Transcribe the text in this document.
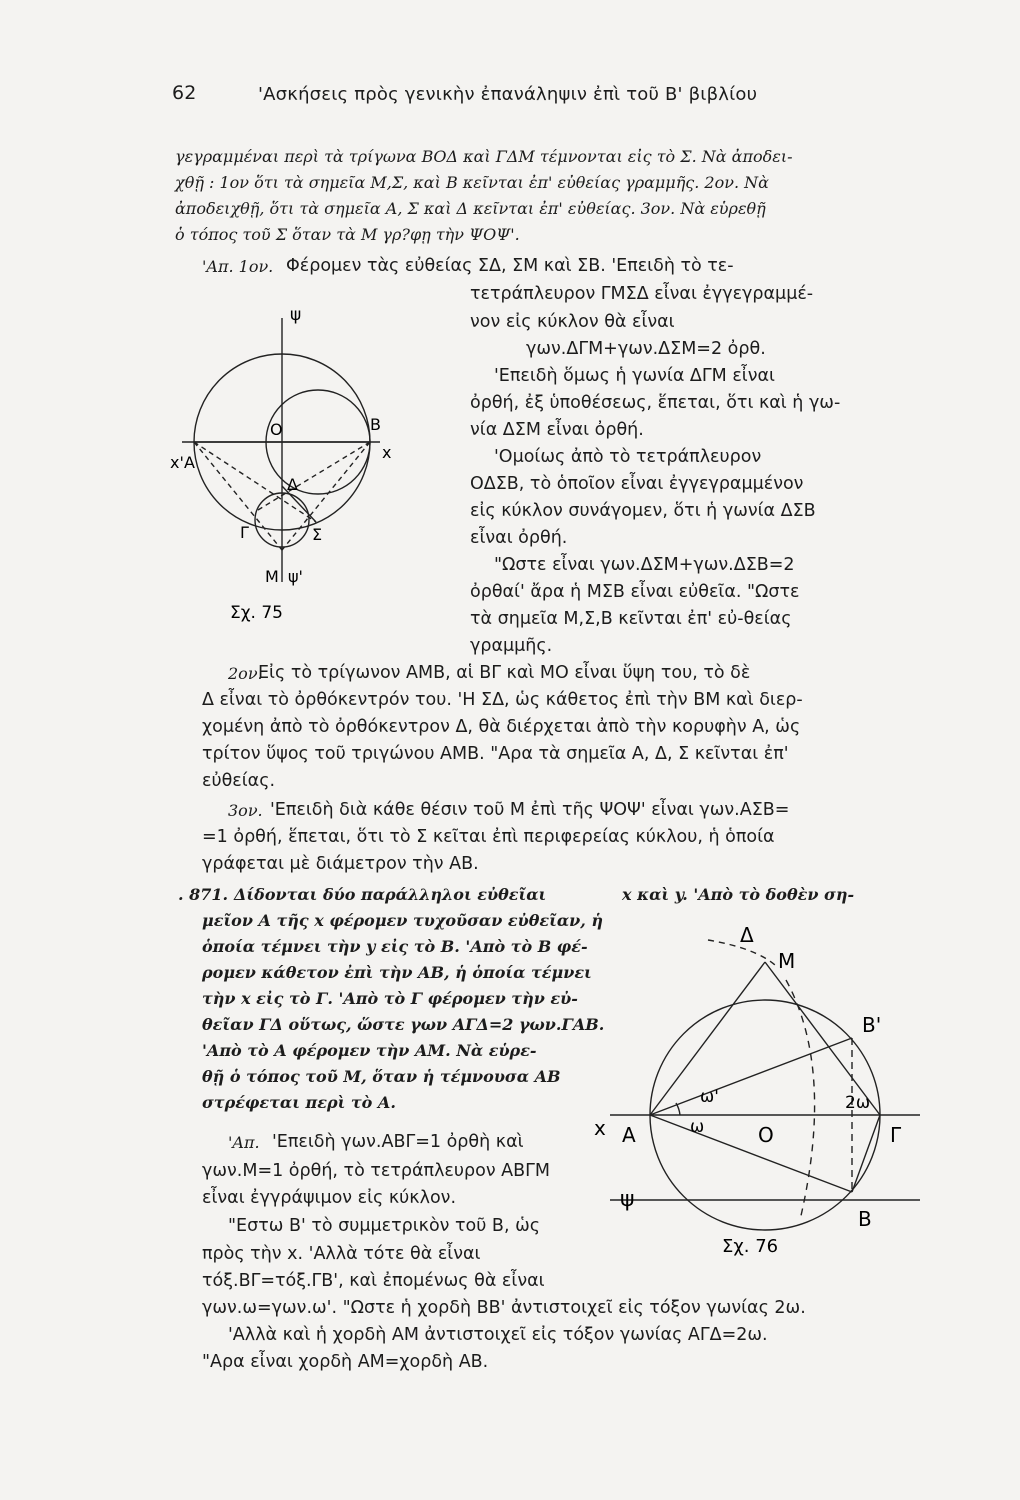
62	'Ασκήσεις πρὸς γενικὴν ἐπανάληψιν ἐπὶ τοῦ Β' βιβλίου
γεγραμμέναι περὶ τὰ τρίγωνα ΒΟΔ καὶ ΓΔΜ τέμνονται εἰς τὸ Σ. Νὰ ἀποδει-
χθῇ : 1ον ὅτι τὰ σημεῖα Μ,Σ, καὶ Β κεῖνται ἐπ' εὐθείας γραμμῆς. 2ον. Νὰ
ἀποδειχθῇ, ὅτι τὰ σημεῖα Α, Σ καὶ Δ κεῖνται ἐπ' εὐθείας. 3ον. Νὰ εὑρεθῇ
ὁ τόπος τοῦ Σ ὅταν τὰ Μ γρ?φῃ τὴν ΨΟΨ'.
'Απ. 1ον. Φέρομεν τὰς εὐθείας ΣΔ, ΣΜ καὶ ΣΒ. 'Επειδὴ τὸ τε-
τετράπλευρον ΓΜΣΔ εἶναι ἐγγεγραμμέ-
νον εἰς κύκλον θὰ εἶναι
γων.ΔΓΜ+γων.ΔΣΜ=2 ὀρθ.
'Επειδὴ ὅμως ἡ γωνία ΔΓΜ εἶναι
ὀρθή, ἐξ ὑποθέσεως, ἕπεται, ὅτι καὶ ἡ γω-
νία ΔΣΜ εἶναι ὀρθή.
'Ομοίως ἀπὸ τὸ τετράπλευρον
ΟΔΣΒ, τὸ ὁποῖον εἶναι ἐγγεγραμμένον
εἰς κύκλον συνάγομεν, ὅτι ἡ γωνία ΔΣΒ
εἶναι ὀρθή.
"Ωστε εἶναι γων.ΔΣΜ+γων.ΔΣΒ=2
ὀρθαί' ἄρα ἡ ΜΣΒ εἶναι εὐθεῖα. "Ωστε
τὰ σημεῖα Μ,Σ,Β κεῖνται ἐπ' εὐ-θείας
γραμμῆς.
ψ
x' A
O	B
x
Δ
Γ	Σ
M ψ'
Σχ. 75
2ον.
Εἰς τὸ τρίγωνον ΑΜΒ, αἱ ΒΓ καὶ ΜΟ εἶναι ὕψη του, τὸ δὲ
Δ εἶναι τὸ ὀρθόκεντρόν του. 'Η ΣΔ, ὡς κάθετος ἐπὶ τὴν ΒΜ καὶ διερ-
χομένη ἀπὸ τὸ ὀρθόκεντρον Δ, θὰ διέρχεται ἀπὸ τὴν κορυφὴν Α, ὡς
τρίτον ὕψος τοῦ τριγώνου ΑΜΒ. "Αρα τὰ σημεῖα Α, Δ, Σ κεῖνται ἐπ'
εὐθείας.
3ον. 'Επειδὴ διὰ κάθε θέσιν τοῦ Μ ἐπὶ τῆς ΨΟΨ' εἶναι γων.ΑΣΒ=
=1 ὀρθή, ἕπεται, ὅτι τὸ Σ κεῖται ἐπὶ περιφερείας κύκλου, ἡ ὁποία
γράφεται μὲ διάμετρον τὴν ΑΒ.
. 871. Δίδονται δύο παράλληλοι εὐθεῖαι	x καὶ y. 'Απὸ τὸ δοθὲν ση-
μεῖον Α τῆς x φέρομεν τυχοῦσαν εὐθεῖαν, ἡ
ὁποία τέμνει τὴν y εἰς τὸ Β. 'Απὸ τὸ Β φέ-
ρομεν κάθετον ἐπὶ τὴν ΑΒ, ἡ ὁποία τέμνει
τὴν x εἰς τὸ Γ. 'Απὸ τὸ Γ φέρομεν τὴν εὐ-
θεῖαν ΓΔ οὕτως, ὥστε γων ΑΓΔ=2 γων.ΓΑΒ.
'Απὸ τὸ Α φέρομεν τὴν ΑΜ. Νὰ εὑρε-
θῇ ὁ τόπος τοῦ Μ, ὅταν ἡ τέμνουσα ΑΒ
στρέφεται περὶ τὸ Α.
'Απ. 'Επειδὴ γων.ΑΒΓ=1 ὀρθὴ καὶ
γων.Μ=1 ὀρθή, τὸ τετράπλευρον ΑΒΓΜ
εἶναι ἐγγράψιμον εἰς κύκλον.
"Εστω Β' τὸ συμμετρικὸν τοῦ Β, ὡς
πρὸς τὴν x. 'Αλλὰ τότε θὰ εἶναι
τόξ.ΒΓ=τόξ.ΓΒ', καὶ ἐπομένως θὰ εἶναι
γων.ω=γων.ω'. "Ωστε ἡ χορδὴ ΒΒ' ἀντιστοιχεῖ εἰς τόξον γωνίας 2ω.
'Αλλὰ καὶ ἡ χορδὴ ΑΜ ἀντιστοιχεῖ εἰς τόξον γωνίας ΑΓΔ=2ω.
"Αρα εἶναι χορδὴ ΑΜ=χορδὴ ΑΒ.
Δ
M
B'
ω'	2ω
x A	ω	O	Γ
ψ
B
Σχ. 76
